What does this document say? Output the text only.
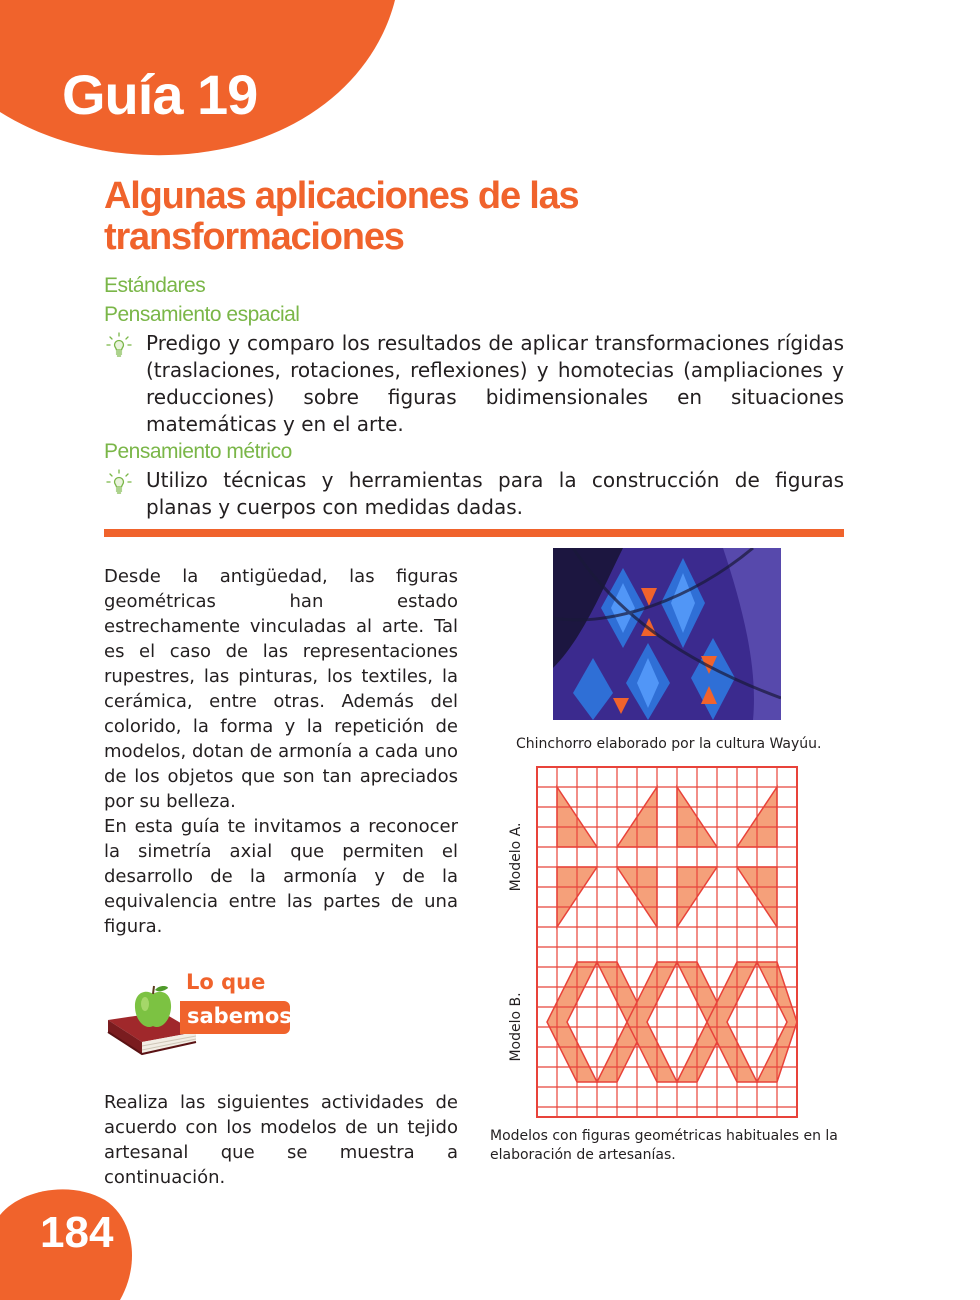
Guía 19
Algunas aplicaciones de las
transformaciones

Estándares

Pensamiento espacial

Predigo y comparo los resultados de aplicar transformaciones rígidas (traslaciones, rotaciones, reflexiones) y homotecias (ampliaciones y reducciones) sobre figuras bidimensionales en situaciones matemáticas y en el arte.

Pensamiento métrico

Utilizo técnicas y herramientas para la construcción de figuras planas y cuerpos con medidas dadas.

Desde la antigüedad, las figuras geométricas han estado estrechamente vinculadas al arte. Tal es el caso de las representaciones rupestres, las pinturas, los textiles, la cerámica, entre otras. Además del colorido, la forma y la repetición de modelos, dotan de armonía a cada uno de los objetos que son tan apreciados por su belleza.

En esta guía te invitamos a reconocer la simetría axial que permiten el desarrollo de la armonía y de la equivalencia entre las partes de una figura.

Lo que

sabemos

Realiza las siguientes actividades de acuerdo con los modelos de un tejido artesanal que se muestra a continuación.

Chinchorro elaborado por la cultura Wayúu.

Modelo A.
Modelo B.

Modelos con figuras geométricas habituales en la elaboración de artesanías.

184
